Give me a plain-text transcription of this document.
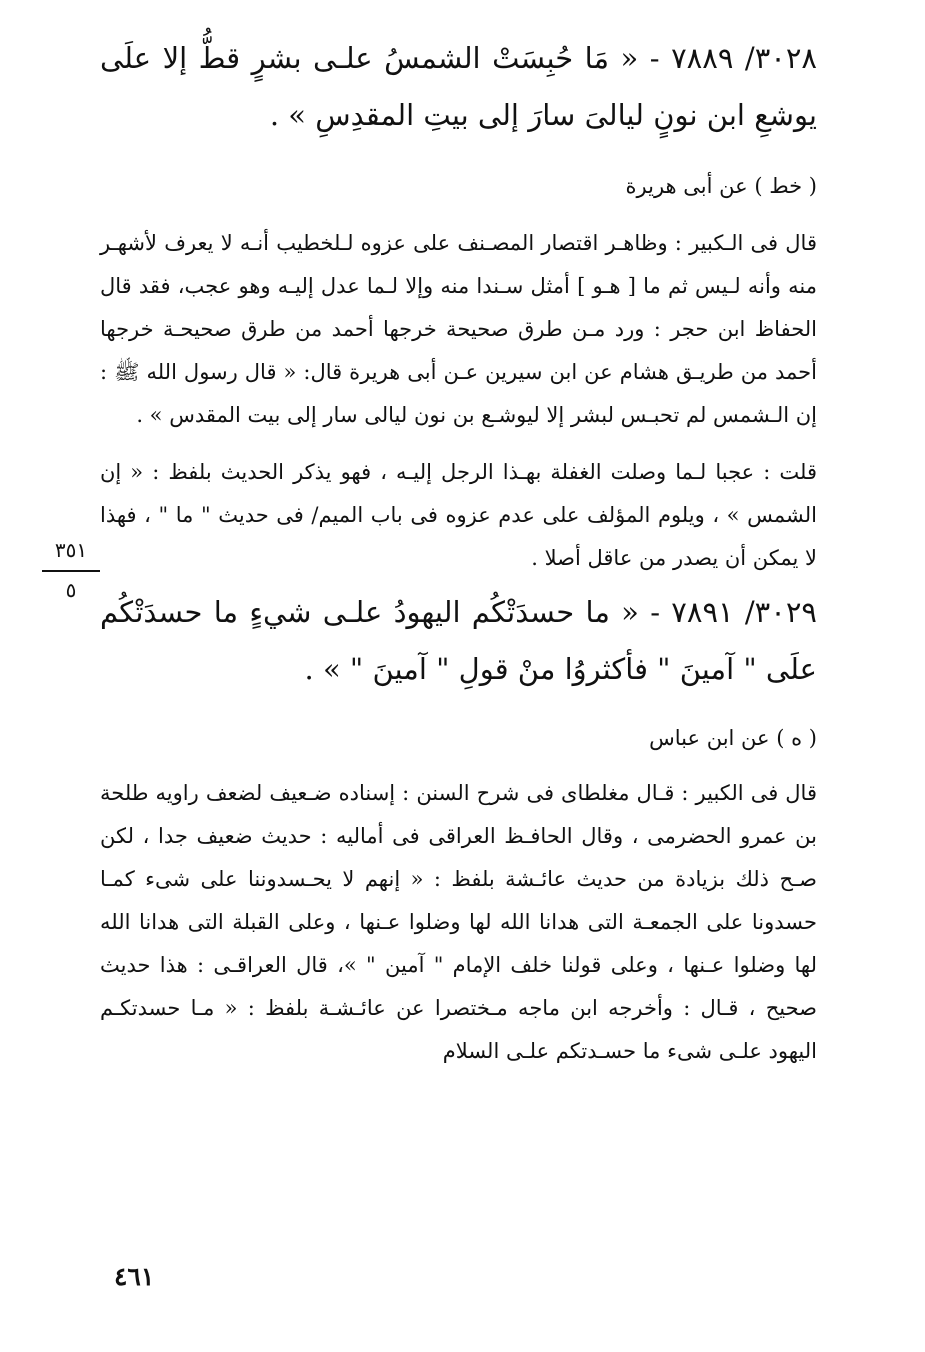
٣٠٢٨/ ٧٨٨٩ - « مَا حُبِسَتْ الشمسُ علـى بشرٍ قطُّ إلا علَى يوشعِ ابن نونٍ ليالىَ سارَ إلى بيتِ المقدِسِ » .

( خط ) عن أبى هريرة

قال فى الـكبير : وظاهـر اقتصار المصـنف على عزوه لـلخطيب أنـه لا يعرف لأشهـر منه وأنه لـيس ثم ما [ هـو ] أمثل سـندا منه وإلا لـما عدل إليـه وهو عجب، فقد قال الحفاظ ابن حجر : ورد مـن طرق صحيحة خرجها أحمد من طرق صحيحـة خرجها أحمد من طريـق هشام عن ابن سيرين عـن أبى هريرة قال: « قال رسول الله ﷺ : إن الـشمس لم تحبـس لبشر إلا ليوشـع بن نون ليالى سار إلى بيت المقدس » .

قلت : عجبا لـما وصلت الغفلة بهـذا الرجل إليـه ، فهو يذكر الحديث بلفظ : « إن الشمس » ، ويلوم المؤلف على عدم عزوه فى باب الميم/ فى حديث " ما " ، فهذا لا يمكن أن يصدر من عاقل أصلا .

٣٠٢٩/ ٧٨٩١ - « ما حسدَتْكُم اليهودُ علـى شيءٍ ما حسدَتْكُم علَى " آمينَ " فأكثروُا منْ قولِ " آمينَ " » .

( ه ) عن ابن عباس

قال فى الكبير : قـال مغلطاى فى شرح السنن : إسناده ضـعيف لضعف راويه طلحة بن عمرو الحضرمى ، وقال الحافـظ العراقى فى أماليه : حديث ضعيف جدا ، لكن صـح ذلك بزيادة من حديث عائـشة بلفظ : « إنهم لا يحـسدوننا على شىء كمـا حسدونا على الجمعـة التى هدانا الله لها وضلوا عـنها ، وعلى القبلة التى هدانا الله لها وضلوا عـنها ، وعلى قولنا خلف الإمام " آمين " »، قال العراقـى : هذا حديث صحيح ، قـال : وأخرجه ابن ماجه مـختصرا عن عائـشـة بلفظ : « مـا حسدتكـم اليهود علـى شىء ما حسـدتكم علـى السلام

٣٥١
٥
٤٦١
